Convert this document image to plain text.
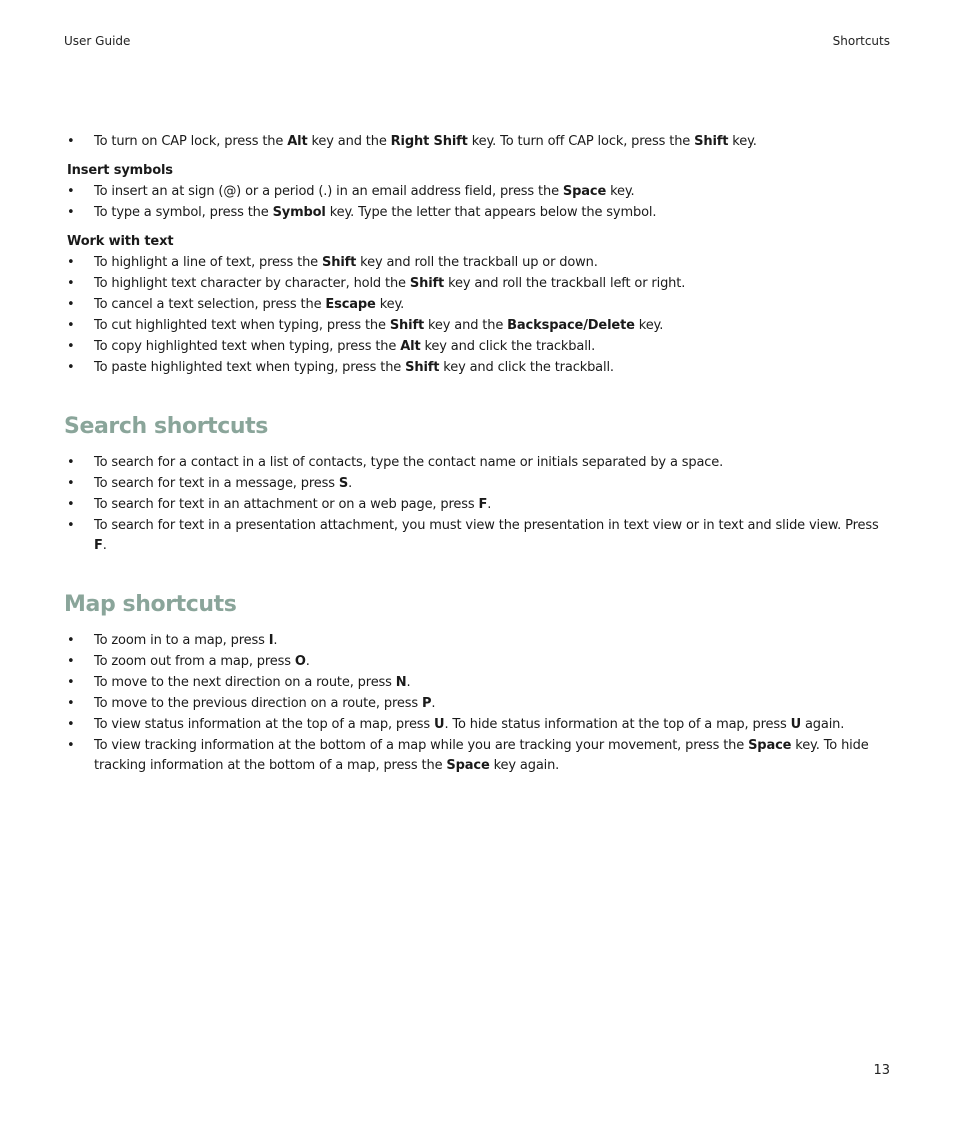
User Guide	Shortcuts
• To turn on CAP lock, press the Alt key and the Right Shift key. To turn off CAP lock, press the Shift key.
Insert symbols
• To insert an at sign (@) or a period (.) in an email address field, press the Space key.
• To type a symbol, press the Symbol key. Type the letter that appears below the symbol.
Work with text
• To highlight a line of text, press the Shift key and roll the trackball up or down.
• To highlight text character by character, hold the Shift key and roll the trackball left or right.
• To cancel a text selection, press the Escape key.
• To cut highlighted text when typing, press the Shift key and the Backspace/Delete key.
• To copy highlighted text when typing, press the Alt key and click the trackball.
• To paste highlighted text when typing, press the Shift key and click the trackball.
Search shortcuts
• To search for a contact in a list of contacts, type the contact name or initials separated by a space.
• To search for text in a message, press S.
• To search for text in an attachment or on a web page, press F.
• To search for text in a presentation attachment, you must view the presentation in text view or in text and slide view. Press F.
Map shortcuts
• To zoom in to a map, press I.
• To zoom out from a map, press O.
• To move to the next direction on a route, press N.
• To move to the previous direction on a route, press P.
• To view status information at the top of a map, press U. To hide status information at the top of a map, press U again.
• To view tracking information at the bottom of a map while you are tracking your movement, press the Space key. To hide tracking information at the bottom of a map, press the Space key again.
13
